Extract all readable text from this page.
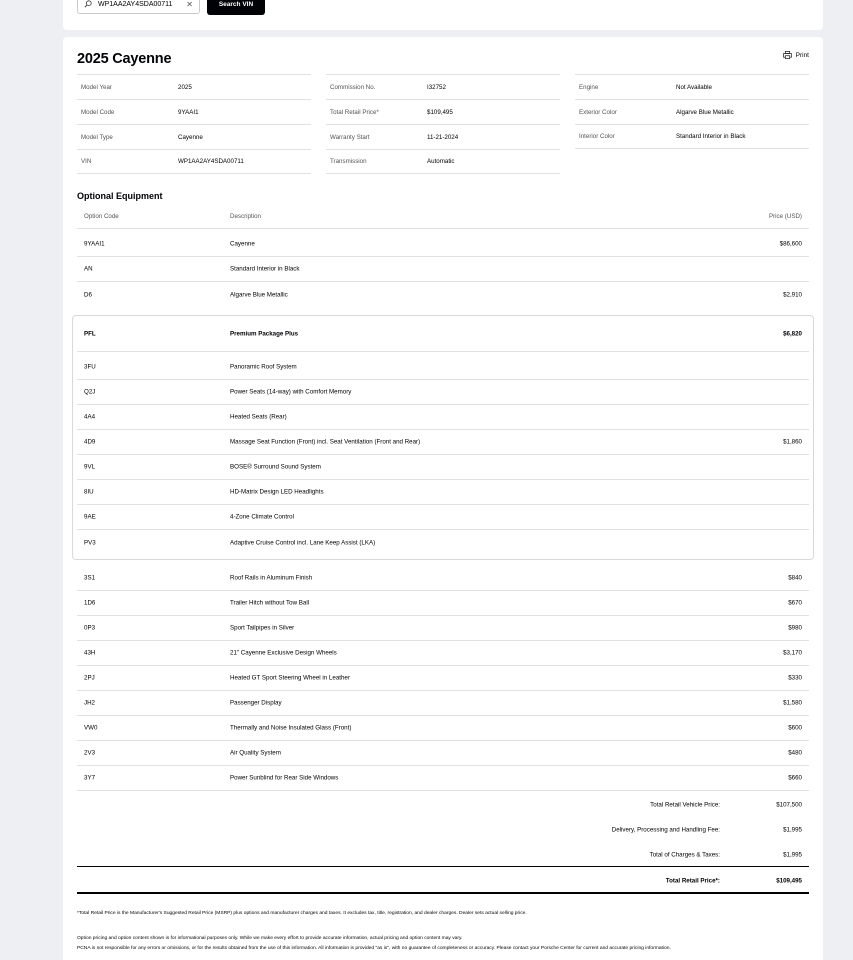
WP1AA2AY4SDA00711	✕	Search VIN
2025 Cayenne	Print
Model Year	2025
Model Code	9YAAI1
Model Type	Cayenne
VIN	WP1AA2AY4SDA00711
Commission No.	I32752
Total Retail Price*	$109,495
Warranty Start	11-21-2024
Transmission	Automatic
Engine	Not Available
Exterior Color	Algarve Blue Metallic
Interior Color	Standard Interior in Black
Optional Equipment
Option Code	Description	Price (USD)
9YAAI1	Cayenne	$86,600
AN	Standard Interior in Black
D6	Algarve Blue Metallic	$2,910
PFL	Premium Package Plus	$6,820
3FU	Panoramic Roof System
Q2J	Power Seats (14-way) with Comfort Memory
4A4	Heated Seats (Rear)
4D9	Massage Seat Function (Front) incl. Seat Ventilation (Front and Rear)	$1,860
9VL	BOSE® Surround Sound System
8IU	HD-Matrix Design LED Headlights
9AE	4-Zone Climate Control
PV3	Adaptive Cruise Control incl. Lane Keep Assist (LKA)
3S1	Roof Rails in Aluminum Finish	$840
1D6	Trailer Hitch without Tow Ball	$670
0P3	Sport Tailpipes in Silver	$980
43H	21" Cayenne Exclusive Design Wheels	$3,170
2PJ	Heated GT Sport Steering Wheel in Leather	$330
JH2	Passenger Display	$1,580
VW0	Thermally and Noise Insulated Glass (Front)	$600
2V3	Air Quality System	$480
3Y7	Power Sunblind for Rear Side Windows	$660
Total Retail Vehicle Price:	$107,500
Delivery, Processing and Handling Fee:	$1,995
Total of Charges & Taxes:	$1,995
Total Retail Price*:	$109,495
*Total Retail Price is the Manufacturer's Suggested Retail Price (MSRP) plus options and manufacturer charges and taxes. It excludes tax, title, registration, and dealer charges. Dealer sets actual selling price.
Option pricing and option content shown is for informational purposes only. While we make every effort to provide accurate information, actual pricing and option content may vary.
PCNA is not responsible for any errors or omissions, or for the results obtained from the use of this information. All information is provided "as is", with no guarantee of completeness or accuracy. Please contact your Porsche Center for current and accurate pricing information.
